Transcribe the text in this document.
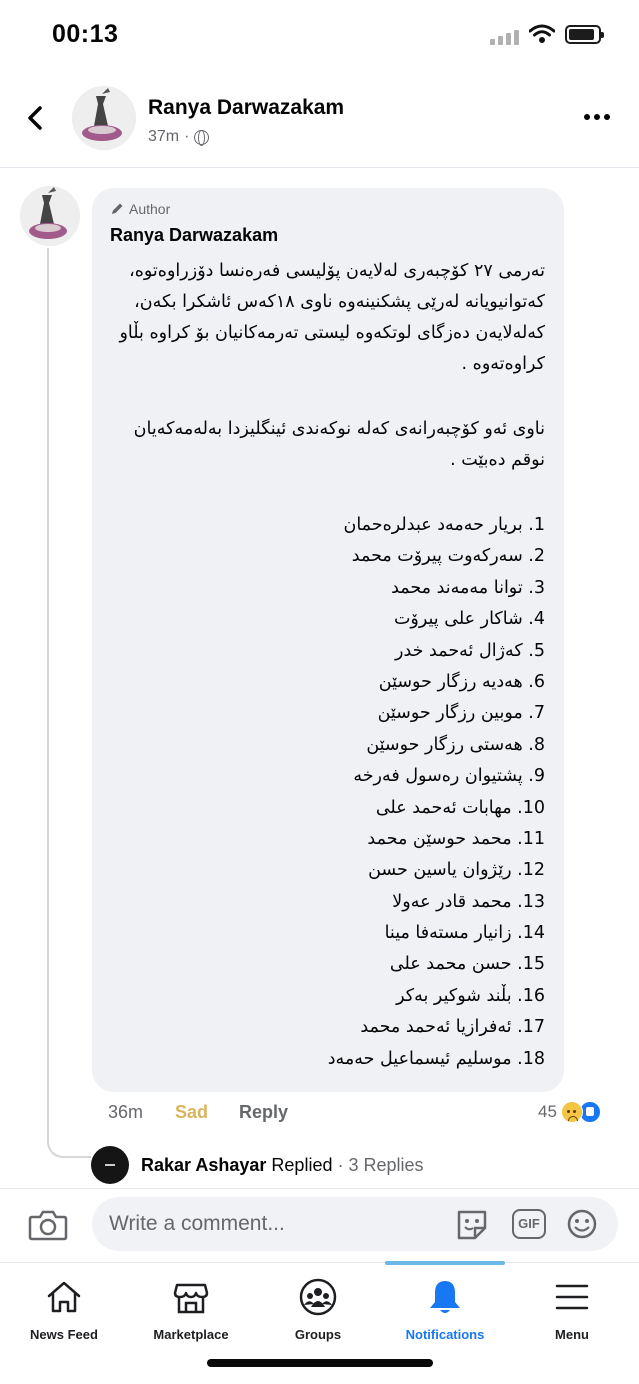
00:13
Ranya Darwazakam
37m ·
Author
Ranya Darwazakam
تەرمی ٢٧ کۆچبەری لەلایەن پۆلیسی فەرەنسا دۆزراوەتوە، کەتوانیویانە لەرێی پشکنینەوە ناوی ١٨کەس ئاشکرا بکەن، کەلەلایەن دەزگای لوتکەوە لیستی تەرمەکانیان بۆ کراوە بڵاو کراوەتەوە .
ناوی ئەو کۆچبەرانەی کەلە نوکەندی ئینگلیزدا بەلەمەکەیان نوقم دەبێت .
1. بریار حەمەد عبدلرەحمان
2. سەرکەوت پیرۆت محمد
3. توانا مەمەند محمد
4. شاکار علی پیرۆت
5. کەژال ئەحمد خدر
6. هەدیە رزگار حوسێن
7. موبین رزگار حوسێن
8. هەستی رزگار حوسێن
9. پشتیوان رەسول فەرخە
10. مهابات ئەحمد علی
11. محمد حوسێن محمد
12. رێژوان یاسین حسن
13. محمد قادر عەولا
14. زانیار مستەفا مینا
15. حسن محمد علی
16. بڵند شوکیر بەکر
17. ئەفرازیا ئەحمد محمد
18. موسلیم ئیسماعیل حەمەد
36m Sad Reply	45
Rakar Ashayar Replied · 3 Replies
Write a comment...
GIF
News Feed	Marketplace	Groups	Notifications	Menu
